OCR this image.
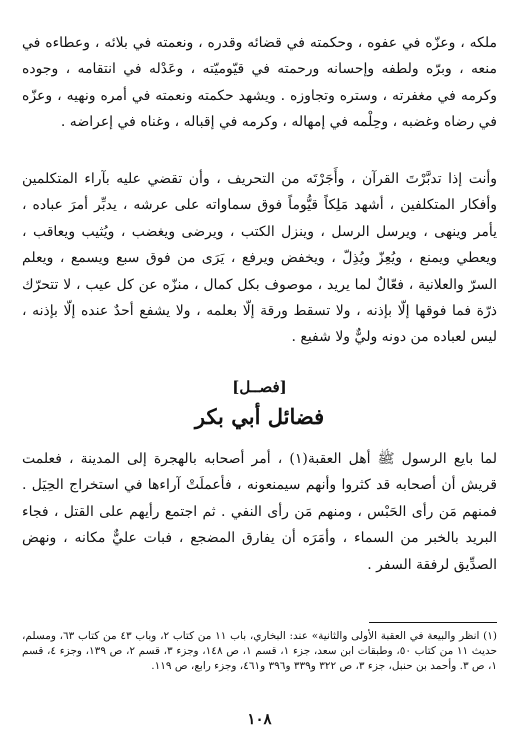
ملكه ، وعزّه في عفوه ، وحكمته في قضائه وقدره ، ونعمته في بلائه ، وعطاءه في منعه ، وبرّه ولطفه وإحسانه ورحمته في قيّوميّته ، وعَدْله في انتقامه ، وجوده وكرمه في مغفرته ، وستره وتجاوزه . ويشهد حكمته ونعمته في أمره ونهيه ، وعزّه في رضاه وغضبه ، وحِلْمه في إمهاله ، وكرمه في إقباله ، وغناه في إعراضه .

وأنت إذا تدبَّرْتَ القرآن ، وأَجَرْتَه من التحريف ، وأن تقضي عليه بآراء المتكلمين وأفكار المتكلفين ، أشهد مَلِكاً قيُّوماً فوق سماواته على عرشه ، يدبِّر أمرَ عباده ، يأمر وينهى ، ويرسل الرسل ، وينزل الكتب ، ويرضى ويغضب ، ويُثيب ويعاقب ، ويعطي ويمنع ، ويُعِزّ ويُذِلّ ، ويخفض ويرفع ، يَرَى من فوق سبع ويسمع ، ويعلم السرّ والعلانية ، فعّالٌ لما يريد ، موصوف بكل كمال ، منزّه عن كل عيب ، لا تتحرّك ذرّة فما فوقها إلّا بإذنه ، ولا تسقط ورقة إلّا بعلمه ، ولا يشفع أحدٌ عنده إلّا بإذنه ، ليس لعباده من دونه وليٌّ ولا شفيع .

[فصــل]
فضائل أبي بكر

لما بايع الرسول ﷺ أهل العقبة(١) ، أمر أصحابه بالهجرة إلى المدينة ، فعلمت قريش أن أصحابه قد كثروا وأنهم سيمنعونه ، فأعملَتْ آراءها في استخراج الحِيَل . فمنهم مَن رأى الحَبْس ، ومنهم مَن رأى النفي . ثم اجتمع رأيهم على القتل ، فجاء البريد بالخبر من السماء ، وأمَرَه أن يفارق المضجع ، فبات عليٌّ مكانه ، ونهض الصدِّيق لرفقة السفر .

(١) انظر والبيعة في العقبة الأولى والثانية» عند: البخاري، باب ١١ من كتاب ٢، وباب ٤٣ من كتاب ٦٣، ومسلم، حديث ١١ من كتاب ٥٠، وطبقات ابن سعد، جزء ١، قسم ١، ص ١٤٨، وجزء ٣، قسم ٢، ص ١٣٩، وجزء ٤، قسم ١، ص ٣. وأحمد بن حنبل، جزء ٣، ص ٣٢٢ و٣٣٩ و٣٩٦ و٤٦١، وجزء رابع، ص ١١٩.

١٠٨
